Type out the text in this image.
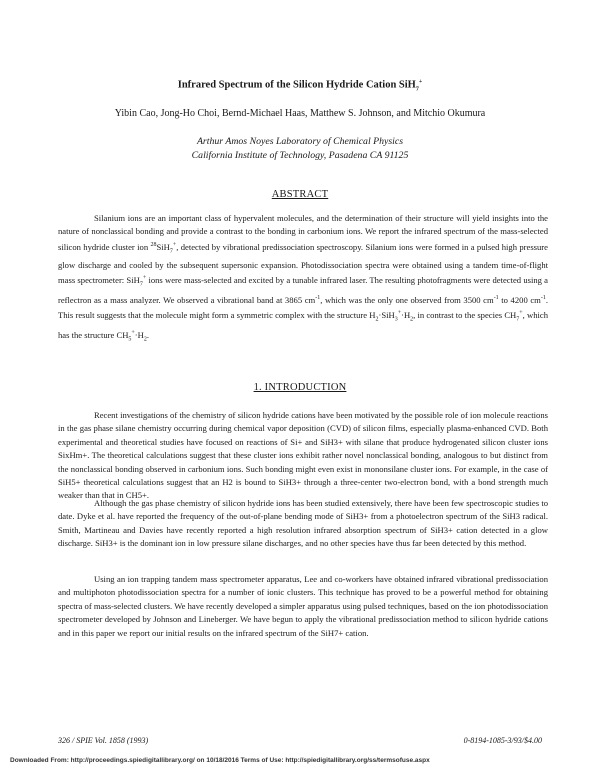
Infrared Spectrum of the Silicon Hydride Cation SiH$_7$+
Yibin Cao, Jong-Ho Choi, Bernd-Michael Haas, Matthew S. Johnson, and Mitchio Okumura
Arthur Amos Noyes Laboratory of Chemical Physics
California Institute of Technology, Pasadena CA 91125
ABSTRACT
Silanium ions are an important class of hypervalent molecules, and the determination of their structure will yield insights into the nature of nonclassical bonding and provide a contrast to the bonding in carbonium ions. We report the infrared spectrum of the mass-selected silicon hydride cluster ion $^{28}$SiH$_7$+, detected by vibrational predissociation spectroscopy. Silanium ions were formed in a pulsed high pressure glow discharge and cooled by the subsequent supersonic expansion. Photodissociation spectra were obtained using a tandem time-of-flight mass spectrometer: SiH$_7$+ ions were mass-selected and excited by a tunable infrared laser. The resulting photofragments were detected using a reflectron as a mass analyzer. We observed a vibrational band at 3865 $cm^{-1}$, which was the only one observed from 3500 $cm^{-1}$ to 4200 $cm^{-1}$. This result suggests that the molecule might form a symmetric complex with the structure $H_2\cdot SiH_3^+\cdot H_2$, in contrast to the species $CH_7^+$, which has the structure $CH_5^+\cdot H_2$.
1. INTRODUCTION
Recent investigations of the chemistry of silicon hydride cations have been motivated by the possible role of ion molecule reactions in the gas phase silane chemistry occurring during chemical vapor deposition (CVD) of silicon films, especially plasma-enhanced CVD. Both experimental and theoretical studies have focused on reactions of Si+ and SiH3+ with silane that produce hydrogenated silicon cluster ions SixHm+. The theoretical calculations suggest that these cluster ions exhibit rather novel nonclassical bonding, analogous to but distinct from the nonclassical bonding observed in carbonium ions. Such bonding might even exist in mononsilane cluster ions. For example, in the case of SiH5+ theoretical calculations suggest that an H2 is bound to SiH3+ through a three-center two-electron bond, with a bond strength much weaker than that in CH5+.
Although the gas phase chemistry of silicon hydride ions has been studied extensively, there have been few spectroscopic studies to date. Dyke et al. have reported the frequency of the out-of-plane bending mode of SiH3+ from a photoelectron spectrum of the SiH3 radical. Smith, Martineau and Davies have recently reported a high resolution infrared absorption spectrum of SiH3+ cation detected in a glow discharge. SiH3+ is the dominant ion in low pressure silane discharges, and no other species have thus far been detected by this method.
Using an ion trapping tandem mass spectrometer apparatus, Lee and co-workers have obtained infrared vibrational predissociation and multiphoton photodissociation spectra for a number of ionic clusters. This technique has proved to be a powerful method for obtaining spectra of mass-selected clusters. We have recently developed a simpler apparatus using pulsed techniques, based on the ion photodissociation spectrometer developed by Johnson and Lineberger. We have begun to apply the vibrational predissociation method to silicon hydride cations and in this paper we report our initial results on the infrared spectrum of the SiH7+ cation.
326 / SPIE Vol. 1858 (1993)	0-8194-1085-3/93/$4.00
Downloaded From: http://proceedings.spiedigitallibrary.org/ on 10/18/2016 Terms of Use: http://spiedigitallibrary.org/ss/termsofuse.aspx
